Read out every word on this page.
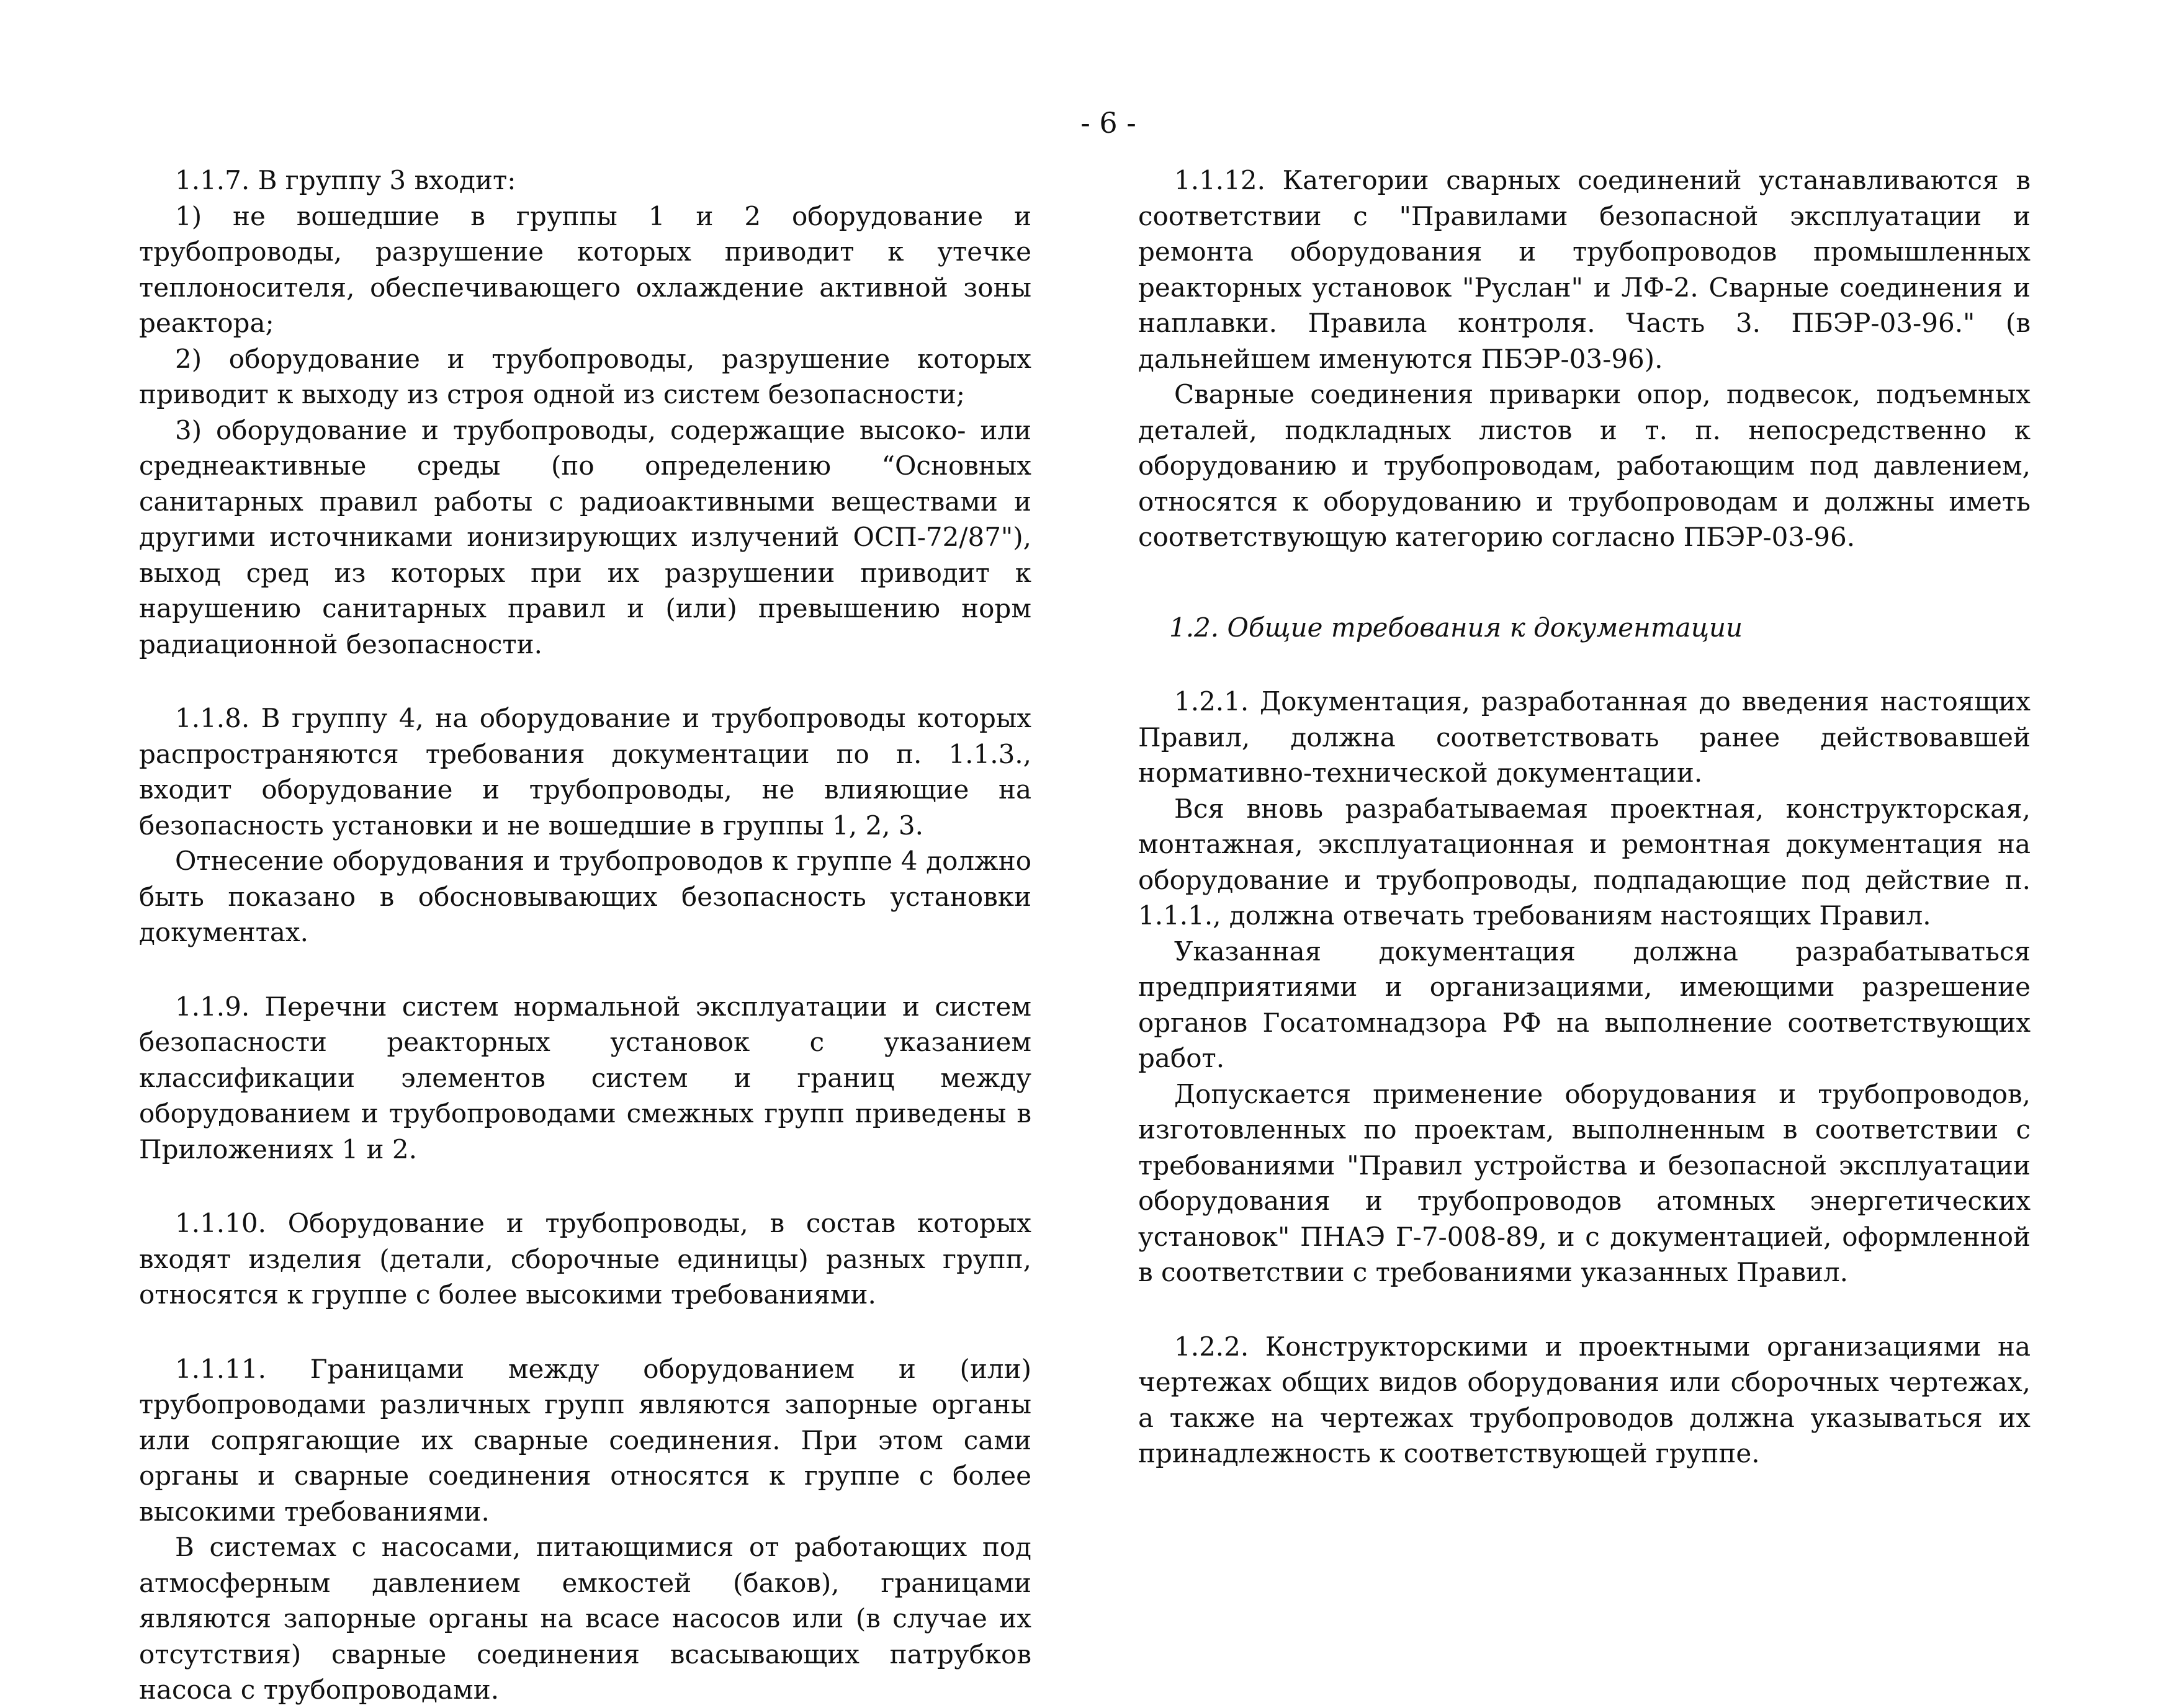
- 6 -

1.1.7. В группу 3 входит:

1) не вошедшие в группы 1 и 2 оборудование и трубопроводы, разрушение которых приводит к утечке теплоносителя, обеспечивающего охлаждение активной зоны реактора;

2) оборудование и трубопроводы, разрушение которых приводит к выходу из строя одной из систем безопасности;

3) оборудование и трубопроводы, содержащие высоко- или среднеактивные среды (по определению “Основных санитарных правил работы с радиоактивными веществами и другими источниками ионизирующих излучений ОСП-72/87"), выход сред из которых при их разрушении приводит к нарушению санитарных правил и (или) превышению норм радиационной безопасности.

1.1.8. В группу 4, на оборудование и трубопроводы которых распространяются требования документации по п. 1.1.3., входит оборудование и трубопроводы, не влияющие на безопасность установки и не вошедшие в группы 1, 2, 3.

Отнесение оборудования и трубопроводов к группе 4 должно быть показано в обосновывающих безопасность установки документах.

1.1.9. Перечни систем нормальной эксплуатации и систем безопасности реакторных установок с указанием классификации элементов систем и границ между оборудованием и трубопроводами смежных групп приведены в Приложениях 1 и 2.

1.1.10. Оборудование и трубопроводы, в состав которых входят изделия (детали, сборочные единицы) разных групп, относятся к группе с более высокими требованиями.

1.1.11. Границами между оборудованием и (или) трубопроводами различных групп являются запорные органы или сопрягающие их сварные соединения. При этом сами органы и сварные соединения относятся к группе с более высокими требованиями.

В системах с насосами, питающимися от работающих под атмосферным давлением емкостей (баков), границами являются запорные органы на всасе насосов или (в случае их отсутствия) сварные соединения всасывающих патрубков насоса с трубопроводами.

1.1.12. Категории сварных соединений устанавливаются в соответствии с "Правилами безопасной эксплуатации и ремонта оборудования и трубопроводов промышленных реакторных установок "Руслан" и ЛФ-2. Сварные соединения и наплавки. Правила контроля. Часть 3. ПБЭР-03-96." (в дальнейшем именуются ПБЭР-03-96).

Сварные соединения приварки опор, подвесок, подъемных деталей, подкладных листов и т. п. непосредственно к оборудованию и трубопроводам, работающим под давлением, относятся к оборудованию и трубопроводам и должны иметь соответствующую категорию согласно ПБЭР-03-96.

1.2. Общие требования к документации

1.2.1. Документация, разработанная до введения настоящих Правил, должна соответствовать ранее действовавшей нормативно-технической документации.

Вся вновь разрабатываемая проектная, конструкторская, монтажная, эксплуатационная и ремонтная документация на оборудование и трубопроводы, подпадающие под действие п. 1.1.1., должна отвечать требованиям настоящих Правил.

Указанная документация должна разрабатываться предприятиями и организациями, имеющими разрешение органов Госатомнадзора РФ на выполнение соответствующих работ.

Допускается применение оборудования и трубопроводов, изготовленных по проектам, выполненным в соответствии с требованиями "Правил устройства и безопасной эксплуатации оборудования и трубопроводов атомных энергетических установок" ПНАЭ Г-7-008-89, и с документацией, оформленной в соответствии с требованиями указанных Правил.

1.2.2. Конструкторскими и проектными организациями на чертежах общих видов оборудования или сборочных чертежах, а также на чертежах трубопроводов должна указываться их принадлежность к соответствующей группе.
